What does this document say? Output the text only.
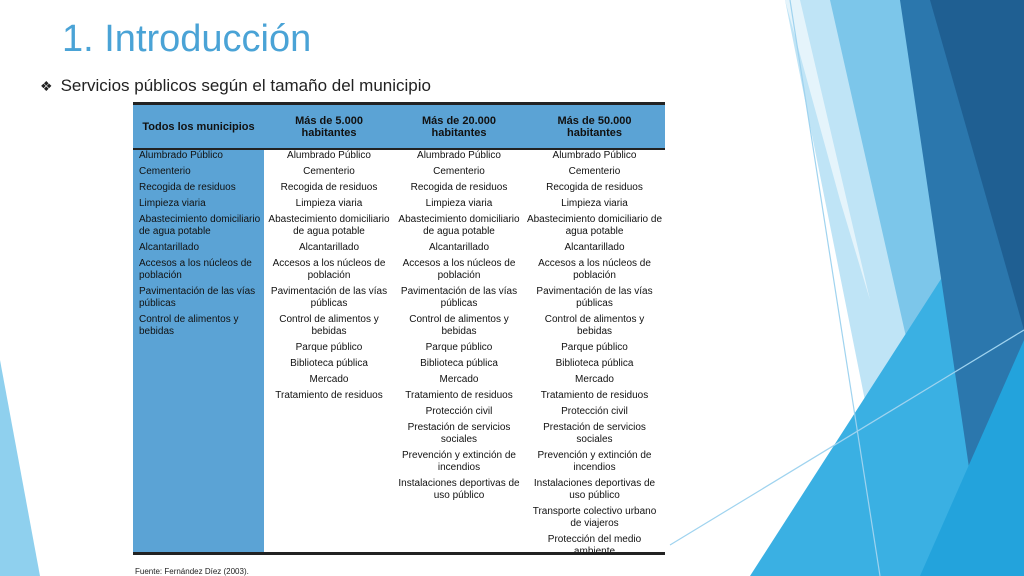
1. Introducción
❖ Servicios públicos según el tamaño del municipio
Todos los municipios	Más de 5.000
habitantes
Más de 20.000
habitantes
Más de 50.000
habitantes
Alumbrado Público
Cementerio
Recogida de residuos
Limpieza viaria
Abastecimiento domiciliario
de agua potable
Alcantarillado
Accesos a los núcleos de
población
Pavimentación de las vías
públicas
Control de alimentos y
bebidas
Alumbrado Público
Cementerio
Recogida de residuos
Limpieza viaria
Abastecimiento domiciliario
de agua potable
Alcantarillado
Accesos a los núcleos de
población
Pavimentación de las vías
públicas
Control de alimentos y
bebidas
Parque público
Biblioteca pública
Mercado
Tratamiento de residuos
Alumbrado Público
Cementerio
Recogida de residuos
Limpieza viaria
Abastecimiento domiciliario
de agua potable
Alcantarillado
Accesos a los núcleos de
población
Pavimentación de las vías
públicas
Control de alimentos y
bebidas
Parque público
Biblioteca pública
Mercado
Tratamiento de residuos
Protección civil
Prestación de servicios
sociales
Prevención y extinción de
incendios
Instalaciones deportivas de
uso público
Alumbrado Público
Cementerio
Recogida de residuos
Limpieza viaria
Abastecimiento domiciliario de
agua potable
Alcantarillado
Accesos a los núcleos de
población
Pavimentación de las vías
públicas
Control de alimentos y
bebidas
Parque público
Biblioteca pública
Mercado
Tratamiento de residuos
Protección civil
Prestación de servicios
sociales
Prevención y extinción de
incendios
Instalaciones deportivas de
uso público
Transporte colectivo urbano
de viajeros
Protección del medio

Fuente: Fernández Díez (2003).
